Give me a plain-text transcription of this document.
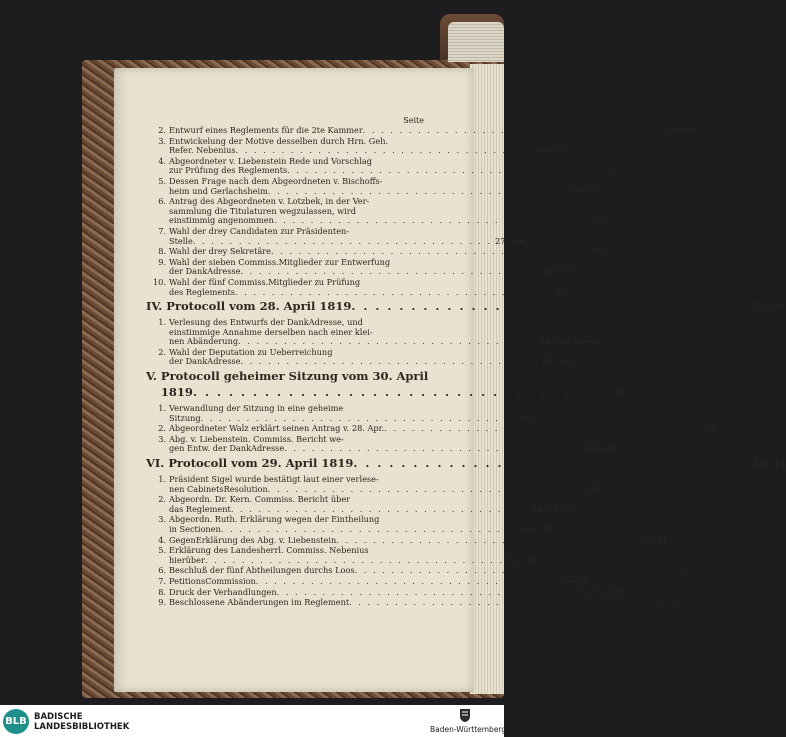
Seite
2. Entwurf eines Reglements für die 2te Kammer . . .	29—48
3. Entwickelung der Motive desselben durch Hrn. Geh.
Refer. Nebenius . . .	49—56
4. Abgeordneter v. Liebenstein Rede und Vorschlag
zur Prüfung des Reglements . . .	25
5. Dessen Frage nach dem Abgeordneten v. Bischoffs-
heim und Gerlachsheim . . .	25—27
6. Antrag des Abgeordneten v. Lotzbek, in der Ver-
sammlung die Titulaturen wegzulassen, wird
einstimmig angenommen . . .	27
7. Wahl der drey Candidaten zur Präsidenten-
Stelle . . .	27—28
8. Wahl der drey Sekretäre . . .	56
9. Wahl der sieben Commiss.Mitglieder zur Entwerfung
der DankAdresse . . .	56—57
10. Wahl der fünf Commiss.Mitglieder zu Prüfung
des Reglements . . .	57
IV. Protocoll vom 28. April 1819 . . .	58—60
1. Verlesung des Entwurfs der DankAdresse, und
einstimmige Annahme derselben nach einer klei-
nen Abänderung . . .	58—59. 60—61
2. Wahl der Deputation zu Ueberreichung
der DankAdresse . . .	61—62
V. Protocoll geheimer Sitzung vom 30. April
1819 . . .	65
1. Verwandlung der Sitzung in eine geheime
Sitzung . . .	65
2. Abgeordneter Walz erklärt seinen Antrag v. 28. Apr. . . .	65
3. Abg. v. Liebenstein. Commiss. Bericht we-
gen Entw. der DankAdresse . . .	66—68
VI. Protocoll vom 29. April 1819 . . .	68—74
1. Präsident Sigel wurde bestätigt laut einer verlese-
nen CabinetsResolution . . .	68
2. Abgeordn. Dr. Kern. Commiss. Bericht über
das Reglement . . .	69. 75—91
3. Abgeordn. Ruth. Erklärung wegen der Eintheilung
in Sectionen . . .	69—70
4. GegenErklärung des Abg. v. Liebenstein . . .	70—71
5. Erklärung des Landesherrl. Commiss. Nebenius
hierüber . . .	71—72
6. Beschluß der fünf Abtheilungen durchs Loos . . .	72
7. PetitionsCommission . . .	72—73
8. Druck der Verhandlungen . . .	72. 73. 131
9. Beschlossene Abänderungen im Reglement . . .	73—74
BLB BADISCHE
LANDESBIBLIOTHEK	Baden-Württemberg
